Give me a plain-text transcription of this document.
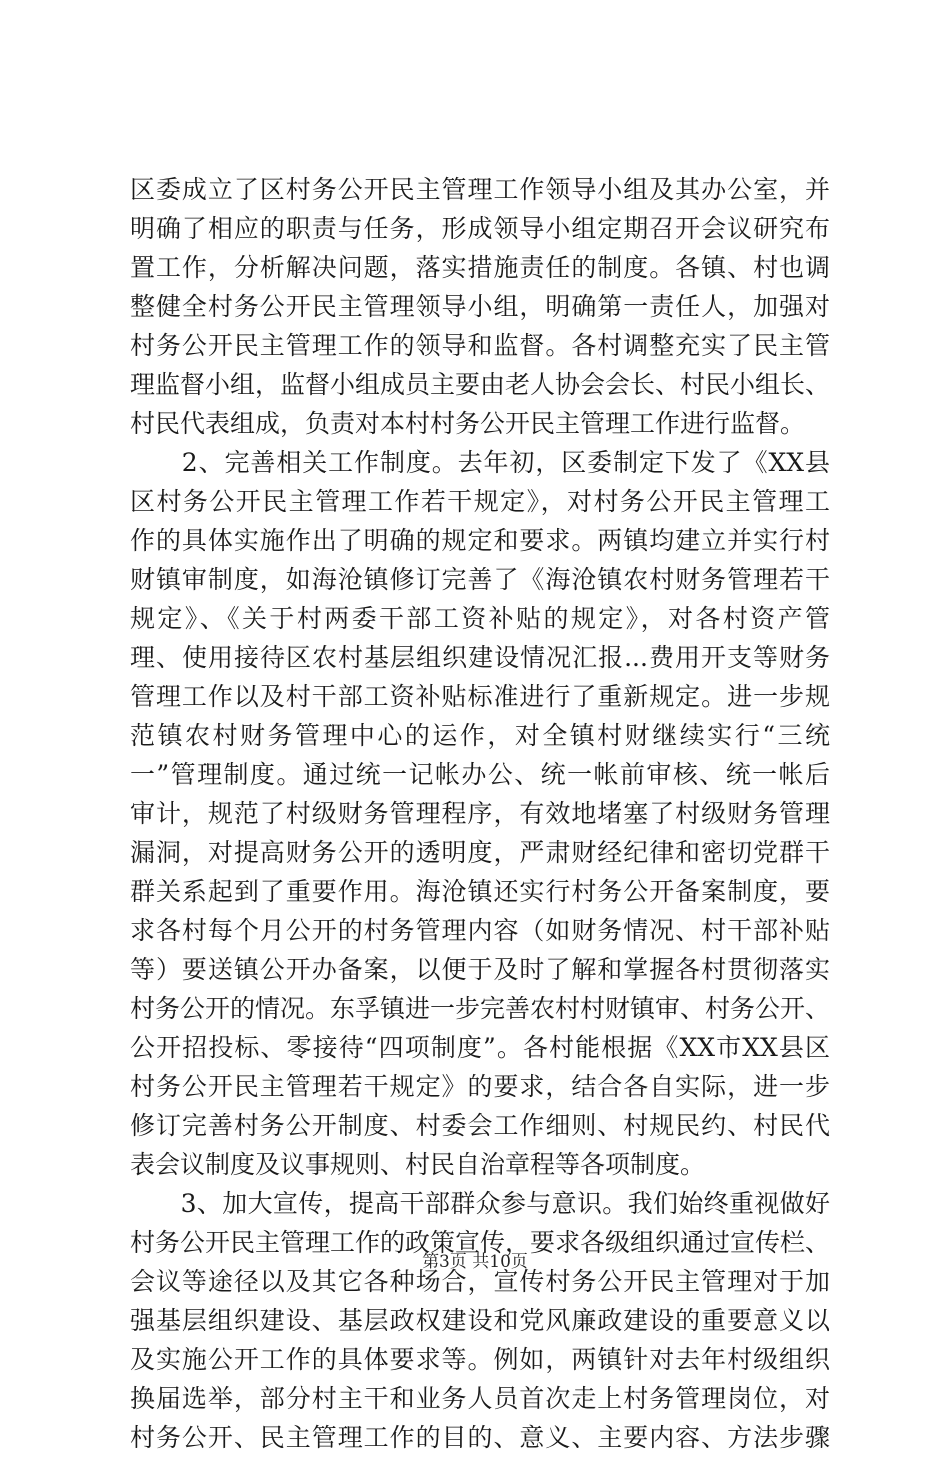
区委成立了区村务公开民主管理工作领导小组及其办公室，并
明确了相应的职责与任务，形成领导小组定期召开会议研究布
置工作，分析解决问题，落实措施责任的制度。各镇、村也调
整健全村务公开民主管理领导小组，明确第一责任人，加强对
村务公开民主管理工作的领导和监督。各村调整充实了民主管
理监督小组，监督小组成员主要由老人协会会长、村民小组长、
村民代表组成，负责对本村村务公开民主管理工作进行监督。
　　2、完善相关工作制度。去年初，区委制定下发了《XX县
区村务公开民主管理工作若干规定》，对村务公开民主管理工
作的具体实施作出了明确的规定和要求。两镇均建立并实行村
财镇审制度，如海沧镇修订完善了《海沧镇农村财务管理若干
规定》、《关于村两委干部工资补贴的规定》，对各村资产管
理、使用接待区农村基层组织建设情况汇报...费用开支等财务
管理工作以及村干部工资补贴标准进行了重新规定。进一步规
范镇农村财务管理中心的运作，对全镇村财继续实行“三统
一”管理制度。通过统一记帐办公、统一帐前审核、统一帐后
审计，规范了村级财务管理程序，有效地堵塞了村级财务管理
漏洞，对提高财务公开的透明度，严肃财经纪律和密切党群干
群关系起到了重要作用。海沧镇还实行村务公开备案制度，要
求各村每个月公开的村务管理内容（如财务情况、村干部补贴
等）要送镇公开办备案，以便于及时了解和掌握各村贯彻落实
村务公开的情况。东孚镇进一步完善农村村财镇审、村务公开、
公开招投标、零接待“四项制度”。各村能根据《XX市XX县区
村务公开民主管理若干规定》的要求，结合各自实际，进一步
修订完善村务公开制度、村委会工作细则、村规民约、村民代
表会议制度及议事规则、村民自治章程等各项制度。
　　3、加大宣传，提高干部群众参与意识。我们始终重视做好
村务公开民主管理工作的政策宣传，要求各级组织通过宣传栏、
会议等途径以及其它各种场合，宣传村务公开民主管理对于加
强基层组织建设、基层政权建设和党风廉政建设的重要意义以
及实施公开工作的具体要求等。例如，两镇针对去年村级组织
换届选举，部分村主干和业务人员首次走上村务管理岗位，对
村务公开、民主管理工作的目的、意义、主要内容、方法步骤
第3页 共10页
